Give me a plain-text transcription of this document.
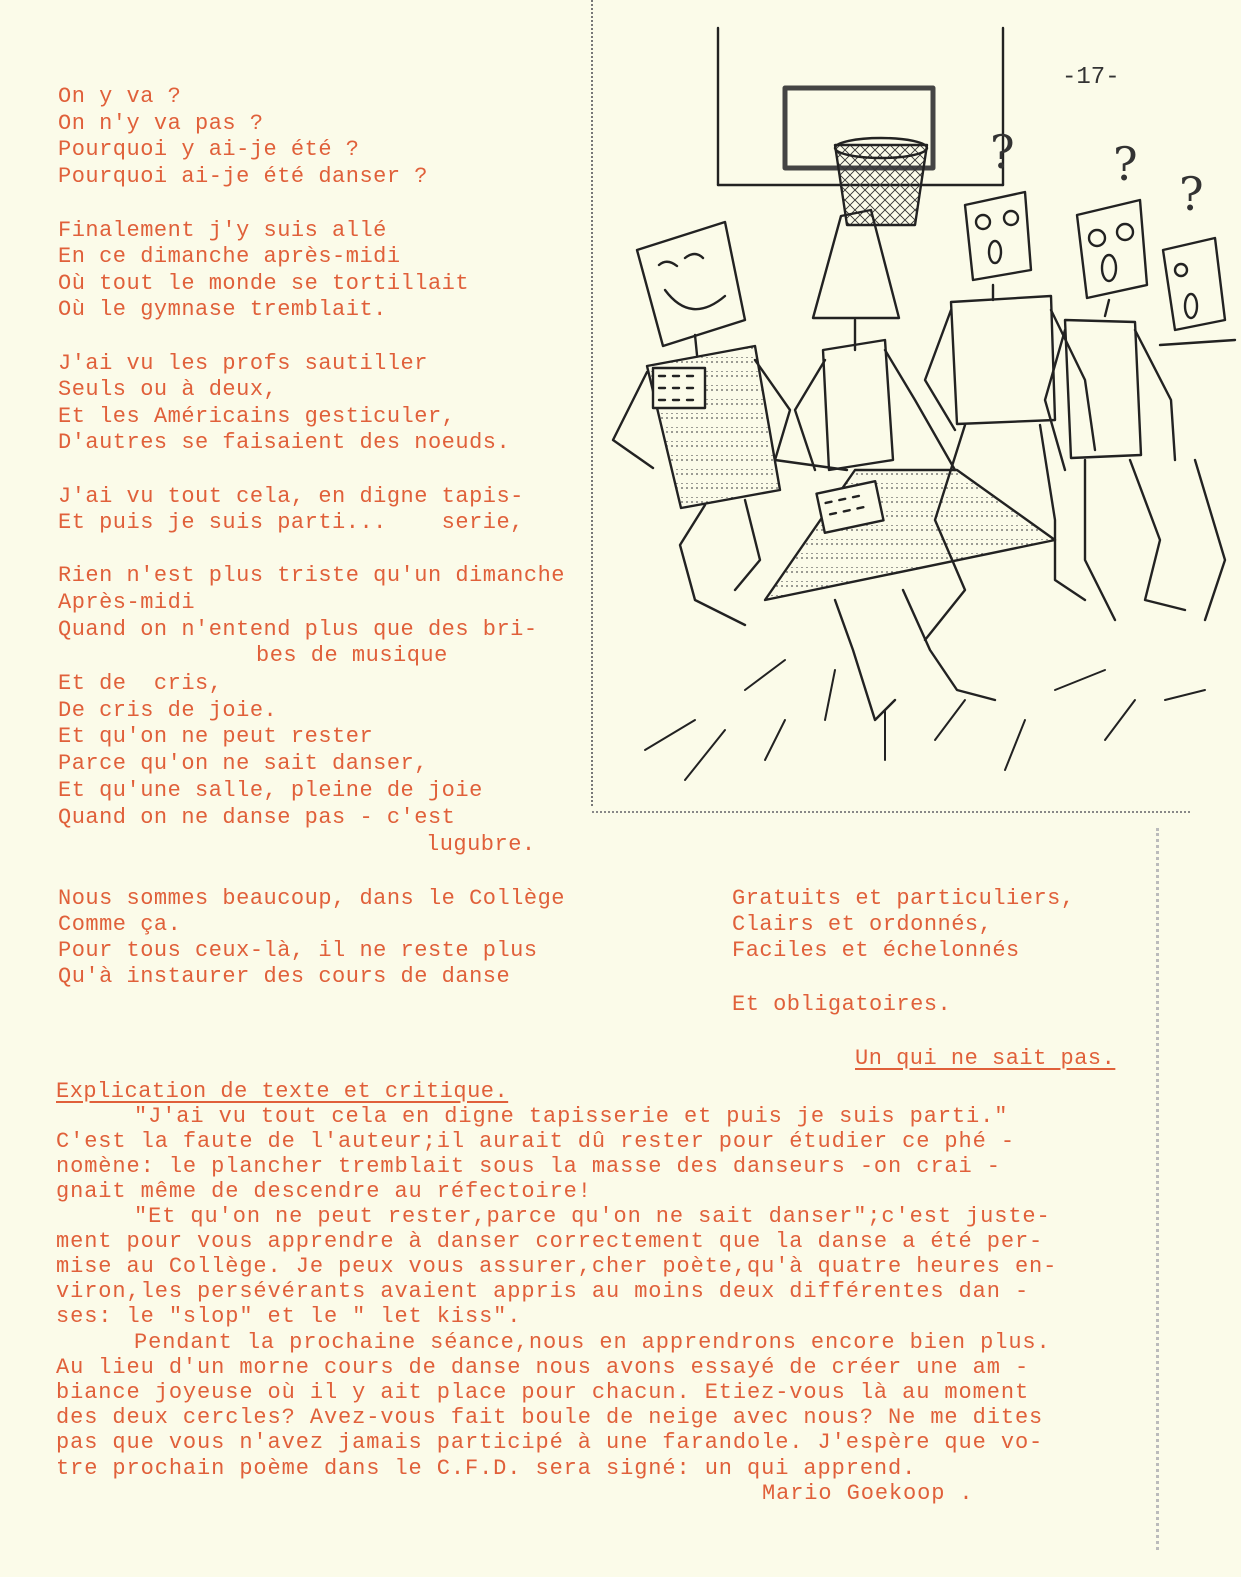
-17-
On y va ?
On n'y va pas ?
Pourquoi y ai-je été ?
Pourquoi ai-je été danser ?
Finalement j'y suis allé
En ce dimanche après-midi
Où tout le monde se tortillait
Où le gymnase tremblait.
J'ai vu les profs sautiller
Seuls ou à deux,
Et les Américains gesticuler,
D'autres se faisaient des noeuds.
J'ai vu tout cela, en digne tapis-
Et puis je suis parti...    serie,
Rien n'est plus triste qu'un dimanche
Après-midi
Quand on n'entend plus que des bri-
bes de musique
Et de  cris,
De cris de joie.
Et qu'on ne peut rester
Parce qu'on ne sait danser,
Et qu'une salle, pleine de joie
Quand on ne danse pas - c'est
lugubre.
Nous sommes beaucoup, dans le Collège
Comme ça.
Pour tous ceux-là, il ne reste plus
Qu'à instaurer des cours de danse
Gratuits et particuliers,
Clairs et ordonnés,
Faciles et échelonnés
Et obligatoires.
Un qui ne sait pas.
Explication de texte et critique.
"J'ai vu tout cela en digne tapisserie et puis je suis parti."
C'est la faute de l'auteur;il aurait dû rester pour étudier ce phé -
nomène: le plancher tremblait sous la masse des danseurs -on crai -
gnait même de descendre au réfectoire!
"Et qu'on ne peut rester,parce qu'on ne sait danser";c'est juste-
ment pour vous apprendre à danser correctement que la danse a été per-
mise au Collège. Je peux vous assurer,cher poète,qu'à quatre heures en-
viron,les persévérants avaient appris au moins deux différentes dan -
ses: le "slop" et le " let kiss".
Pendant la prochaine séance,nous en apprendrons encore bien plus.
Au lieu d'un morne cours de danse nous avons essayé de créer une am -
biance joyeuse où il y ait place pour chacun. Etiez-vous là au moment
des deux cercles? Avez-vous fait boule de neige avec nous? Ne me dites
pas que vous n'avez jamais participé à une farandole. J'espère que vo-
tre prochain poème dans le C.F.D. sera signé: un qui apprend.
Mario Goekoop .
? ?
?
